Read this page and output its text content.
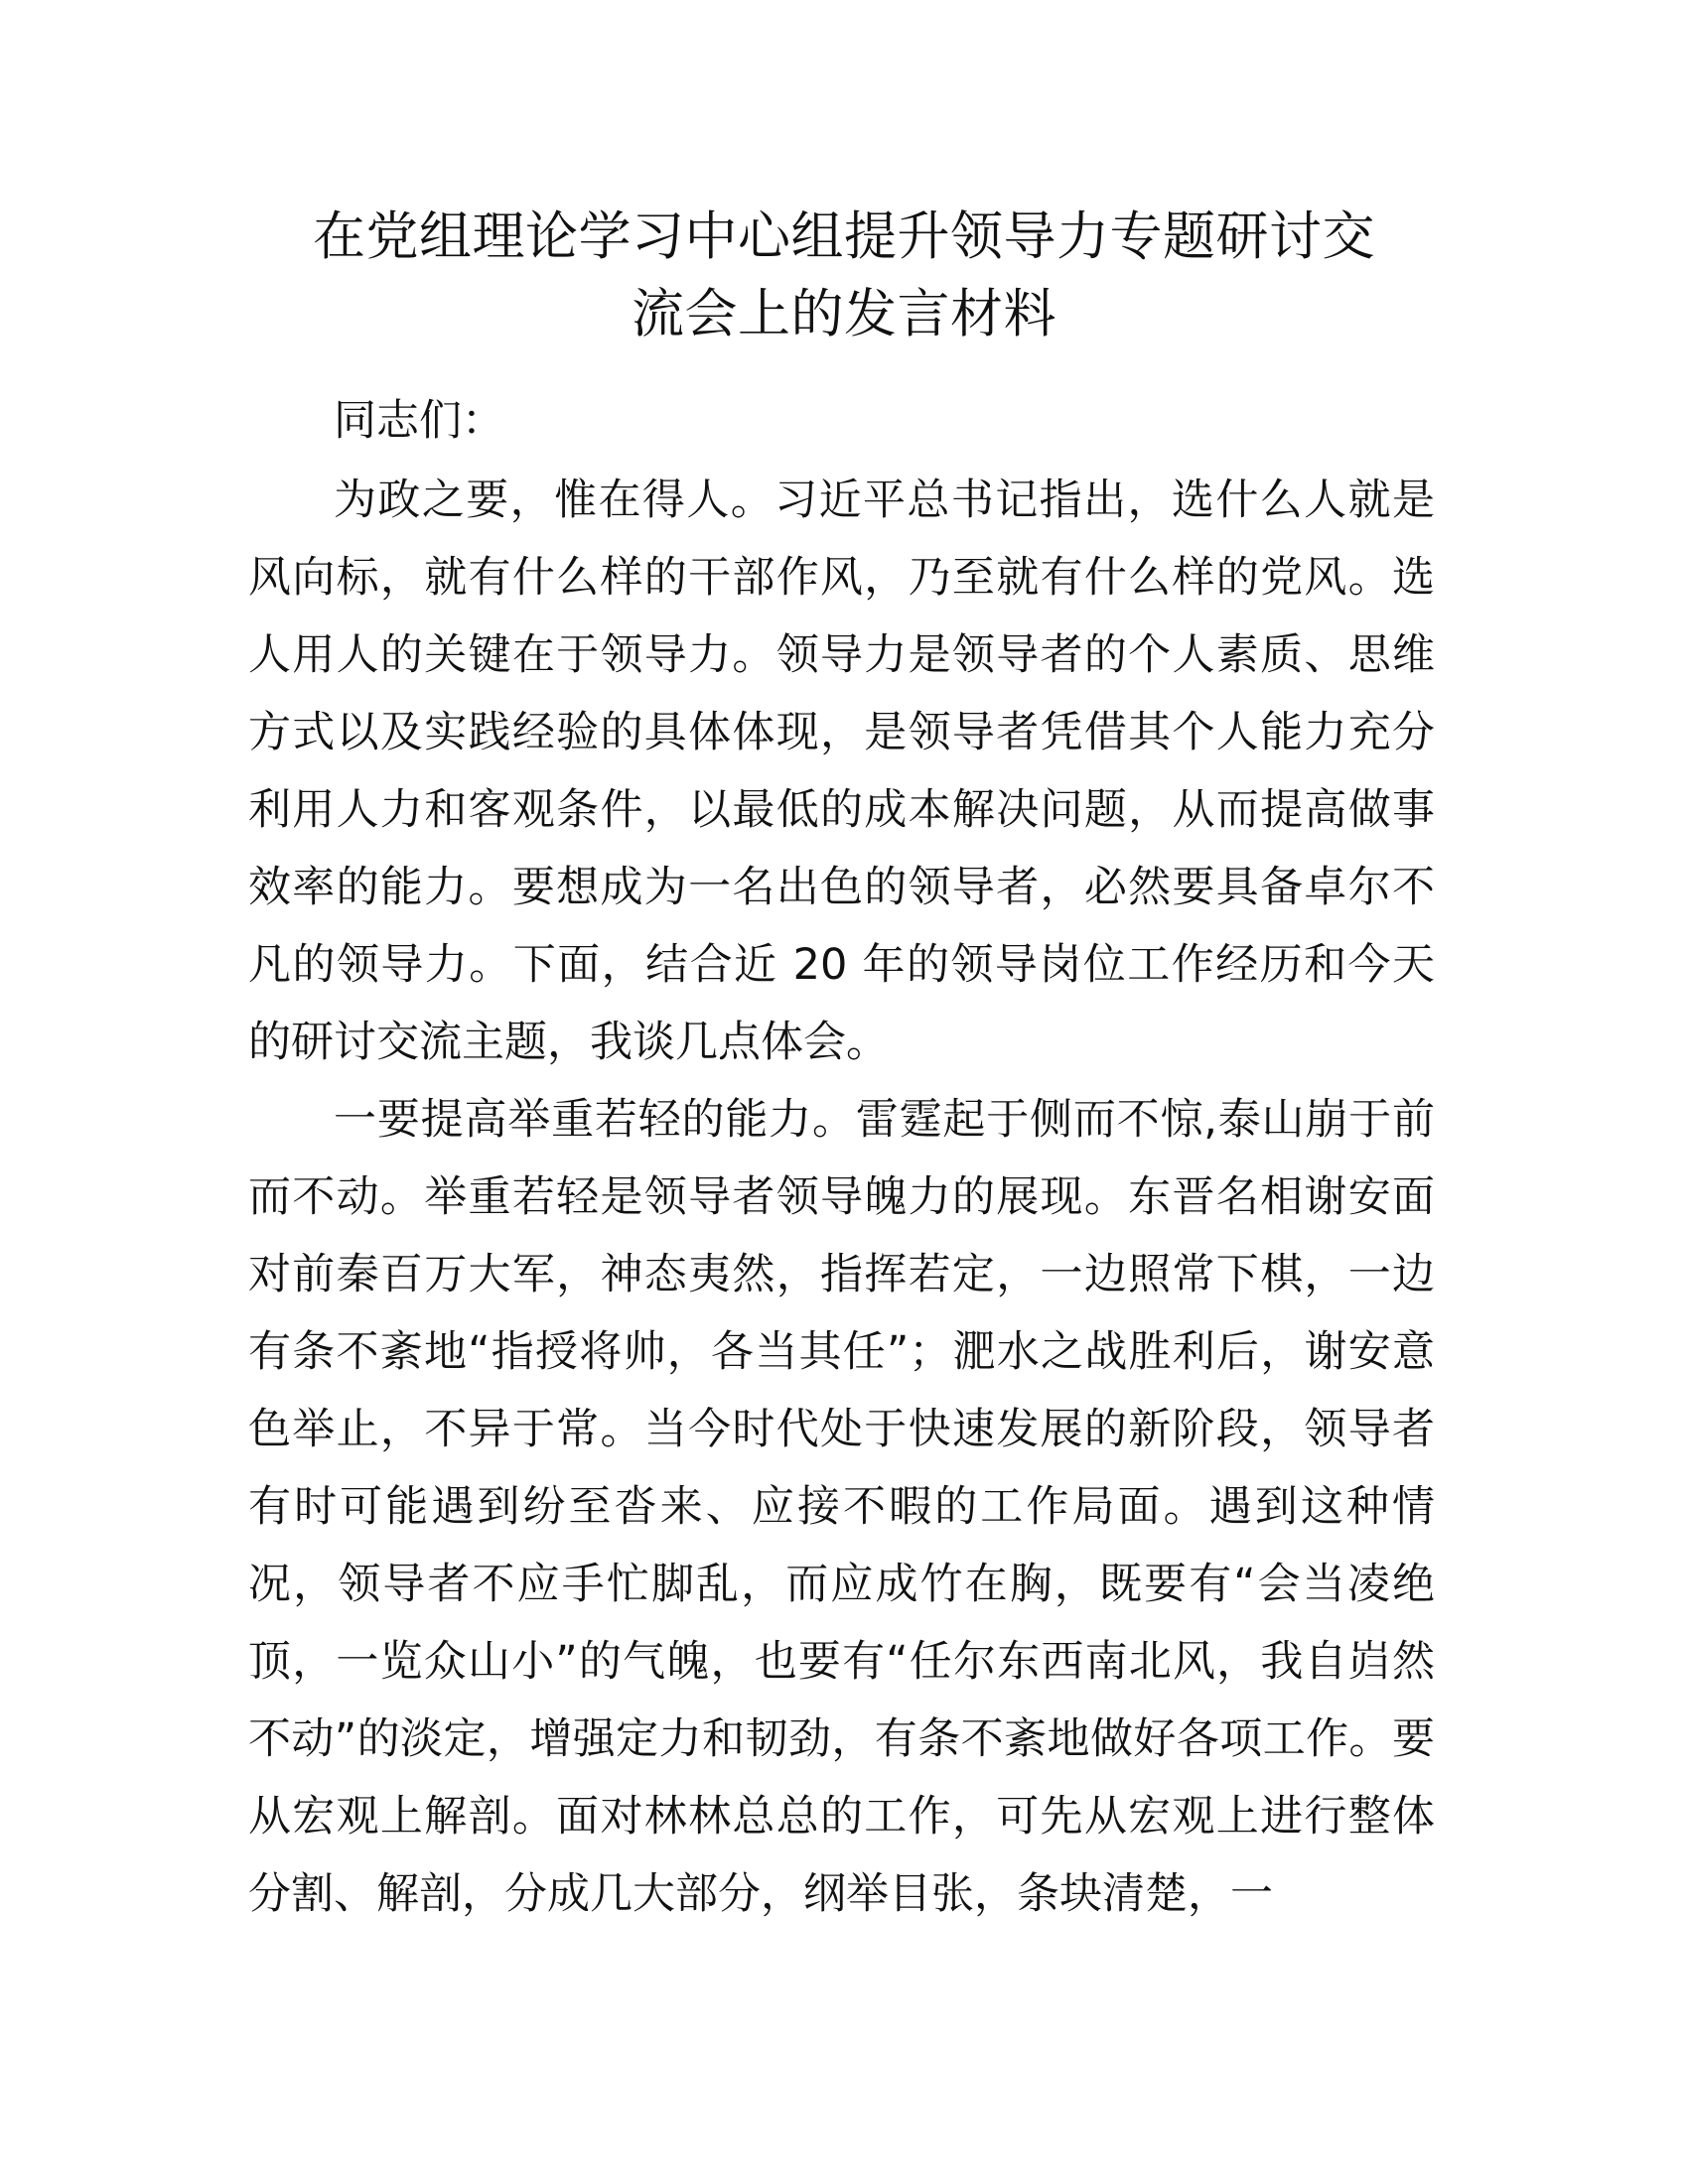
在党组理论学习中心组提升领导力专题研讨交
流会上的发言材料

同志们：

为政之要，惟在得人。习近平总书记指出，选什么人就是风向标，就有什么样的干部作风，乃至就有什么样的党风。选人用人的关键在于领导力。领导力是领导者的个人素质、思维方式以及实践经验的具体体现，是领导者凭借其个人能力充分利用人力和客观条件，以最低的成本解决问题，从而提高做事效率的能力。要想成为一名出色的领导者，必然要具备卓尔不凡的领导力。下面，结合近 20 年的领导岗位工作经历和今天的研讨交流主题，我谈几点体会。

一要提高举重若轻的能力。雷霆起于侧而不惊,泰山崩于前而不动。举重若轻是领导者领导魄力的展现。东晋名相谢安面对前秦百万大军，神态夷然，指挥若定，一边照常下棋，一边有条不紊地“指授将帅，各当其任”；淝水之战胜利后，谢安意色举止，不异于常。当今时代处于快速发展的新阶段，领导者有时可能遇到纷至沓来、应接不暇的工作局面。遇到这种情况，领导者不应手忙脚乱，而应成竹在胸，既要有“会当凌绝顶，一览众山小”的气魄，也要有“任尔东西南北风，我自岿然不动”的淡定，增强定力和韧劲，有条不紊地做好各项工作。要从宏观上解剖。面对林林总总的工作，可先从宏观上进行整体分割、解剖，分成几大部分，纲举目张，条块清楚，一
